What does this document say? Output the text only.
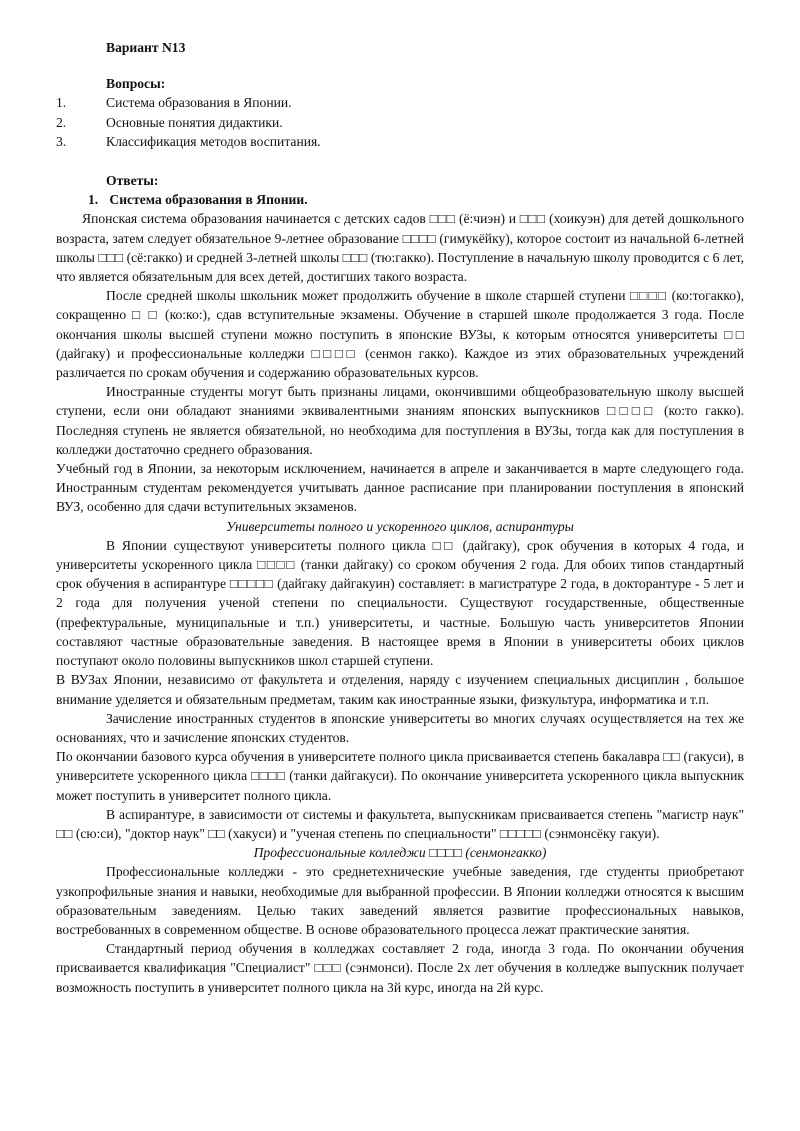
Вариант N13
Вопросы:
1.	Система образования в Японии.
2.	Основные понятия дидактики.
3.	Классификация методов воспитания.
Ответы:
1. Система образования в Японии.

Японская система образования начинается с детских садов □□□ (ё:чиэн) и □□□ (хоикуэн) для детей дошкольного возраста, затем следует обязательное 9-летнее образование □□□□ (гимукёйку), которое состоит из начальной 6-летней школы □□□ (сё:гакко) и средней 3-летней школы □□□ (тю:гакко). Поступление в начальную школу проводится с 6 лет, что является обязательным для всех детей, достигших такого возраста.

После средней школы школьник может продолжить обучение в школе старшей ступени □□□□ (ко:тогакко), сокращенно □ □ (ко:ко:), сдав вступительные экзамены. Обучение в старшей школе продолжается 3 года. После окончания школы высшей ступени можно поступить в японские ВУЗы, к которым относятся университеты □□ (дайгаку) и профессиональные колледжи □□□□ (сенмон гакко). Каждое из этих образовательных учреждений различается по срокам обучения и содержанию образовательных курсов.

Иностранные студенты могут быть признаны лицами, окончившими общеобразовательную школу высшей ступени, если они обладают знаниями эквивалентными знаниям японских выпускников □□□□ (ко:то гакко). Последняя ступень не является обязательной, но необходима для поступления в ВУЗы, тогда как для поступления в колледжи достаточно среднего образования.

Учебный год в Японии, за некоторым исключением, начинается в апреле и заканчивается в марте следующего года. Иностранным студентам рекомендуется учитывать данное расписание при планировании поступления в японский ВУЗ, особенно для сдачи вступительных экзаменов.

Университеты полного и ускоренного циклов, аспирантуры

В Японии существуют университеты полного цикла □□ (дайгаку), срок обучения в которых 4 года, и университеты ускоренного цикла □□□□ (танки дайгаку) со сроком обучения 2 года. Для обоих типов стандартный срок обучения в аспирантуре □□□□□ (дайгаку дайгакуин) составляет: в магистратуре 2 года, в докторантуре - 5 лет и 2 года для получения ученой степени по специальности. Существуют государственные, общественные (префектуральные, муниципальные и т.п.) университеты, и частные. Большую часть университетов Японии составляют частные образовательные заведения. В настоящее время в Японии в университеты обоих циклов поступают около половины выпускников школ старшей ступени.

В ВУЗах Японии, независимо от факультета и отделения, наряду с изучением специальных дисциплин , большое внимание уделяется и обязательным предметам, таким как иностранные языки, физкультура, информатика и т.п.

Зачисление иностранных студентов в японские университеты во многих случаях осуществляется на тех же основаниях, что и зачисление японских студентов.

По окончании базового курса обучения в университете полного цикла присваивается степень бакалавра □□ (гакуси), в университете ускоренного цикла □□□□ (танки дайгакуси). По окончание университета ускоренного цикла выпускник может поступить в университет полного цикла.

В аспирантуре, в зависимости от системы и факультета, выпускникам присваивается степень "магистр наук" □□ (сю:си), "доктор наук" □□ (хакуси) и "ученая степень по специальности" □□□□□ (сэнмонсёку гакуи).

Профессиональные колледжи □□□□ (сенмонгакко)

Профессиональные колледжи - это среднетехнические учебные заведения, где студенты приобретают узкопрофильные знания и навыки, необходимые для выбранной профессии. В Японии колледжи относятся к высшим образовательным заведениям. Целью таких заведений является развитие профессиональных навыков, востребованных в современном обществе. В основе образовательного процесса лежат практические занятия.

Стандартный период обучения в колледжах составляет 2 года, иногда 3 года. По окончании обучения присваивается квалификация "Специалист" □□□ (сэнмонси). После 2х лет обучения в колледже выпускник получает возможность поступить в университет полного цикла на 3й курс, иногда на 2й курс.
